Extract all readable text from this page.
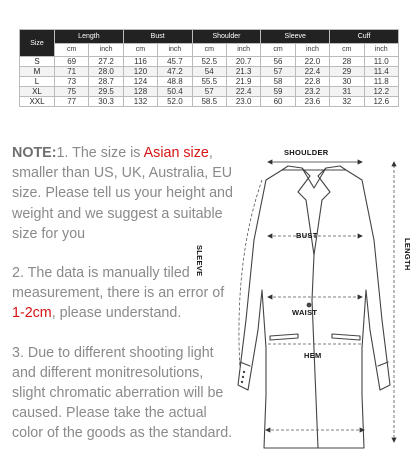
Size	Length		Bust		Shoulder		Sleeve		Cuff	
	cm	inch	cm	inch	cm	inch	cm	inch	cm	inch
S	69	27.2	116	45.7	52.5	20.7	56	22.0	28	11.0
M	71	28.0	120	47.2	54	21.3	57	22.4	29	11.4
L	73	28.7	124	48.8	55.5	21.9	58	22.8	30	11.8
XL	75	29.5	128	50.4	57	22.4	59	23.2	31	12.2
XXL	77	30.3	132	52.0	58.5	23.0	60	23.6	32	12.6

NOTE:1. The size is Asian size, smaller than US, UK, Australia, EU size. Please tell us your height and weight and we suggest a suitable size for you

2. The data is manually tiled measurement, there is an error of 1-2cm, please understand.

3. Due to different shooting light and different monitresolutions, slight chromatic aberration will be caused. Please take the actual color of the goods as the standard.

SHOULDER
BUST
WAIST
HEM
SLEEVE	LENGTH
